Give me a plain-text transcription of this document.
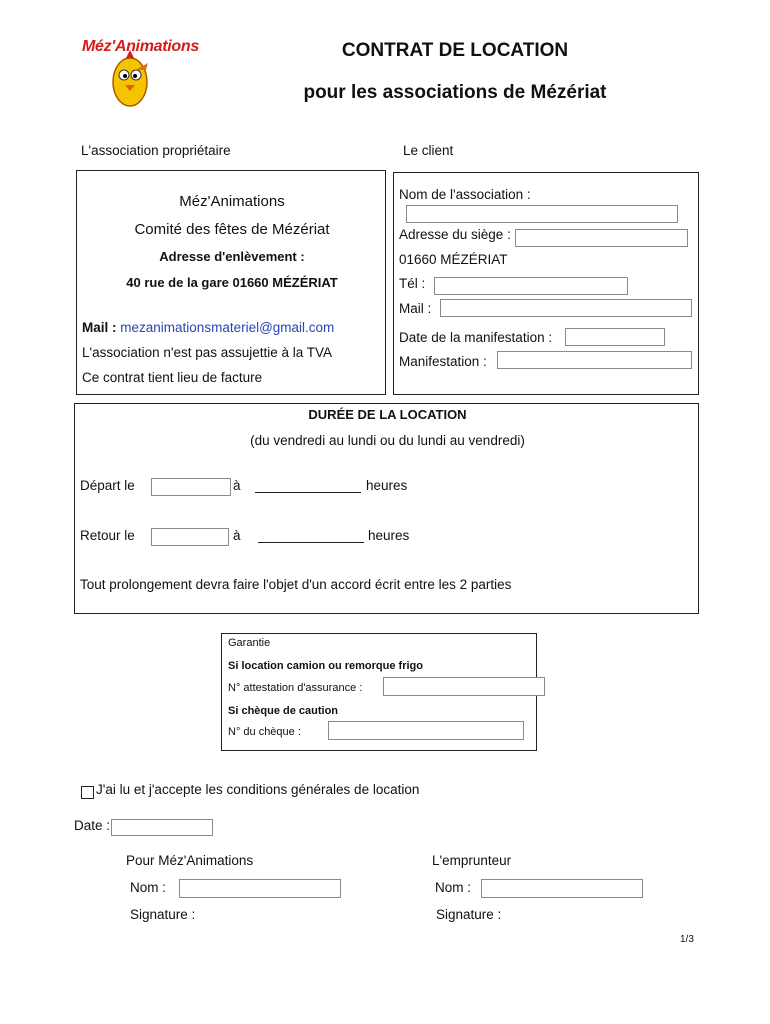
Méz'Animations	CONTRAT DE LOCATION
pour les associations de Mézériat
L'association propriétaire	Le client
Méz'Animations
Comité des fêtes de Mézériat
Adresse d'enlèvement :
40 rue de la gare 01660 MÉZÉRIAT
Mail : mezanimationsmateriel@gmail.com
L'association n'est pas assujettie à la TVA
Ce contrat tient lieu de facture
Nom de l'association :
Adresse du siège :
01660 MÉZÉRIAT
Tél :
Mail :
Date de la manifestation :
Manifestation :
DURÉE DE LA LOCATION
(du vendredi au lundi ou du lundi au vendredi)
Départ le	à	heures
Retour le	à	heures
Tout prolongement devra faire l'objet d'un accord écrit entre les 2 parties
Garantie
Si location camion ou remorque frigo
N° attestation d'assurance :
Si chèque de caution
N° du chèque :
J'ai lu et j'accepte les conditions générales de location
Date :
Pour Méz'Animations	L'emprunteur
Nom :	Nom :
Signature :	Signature :
1/3
